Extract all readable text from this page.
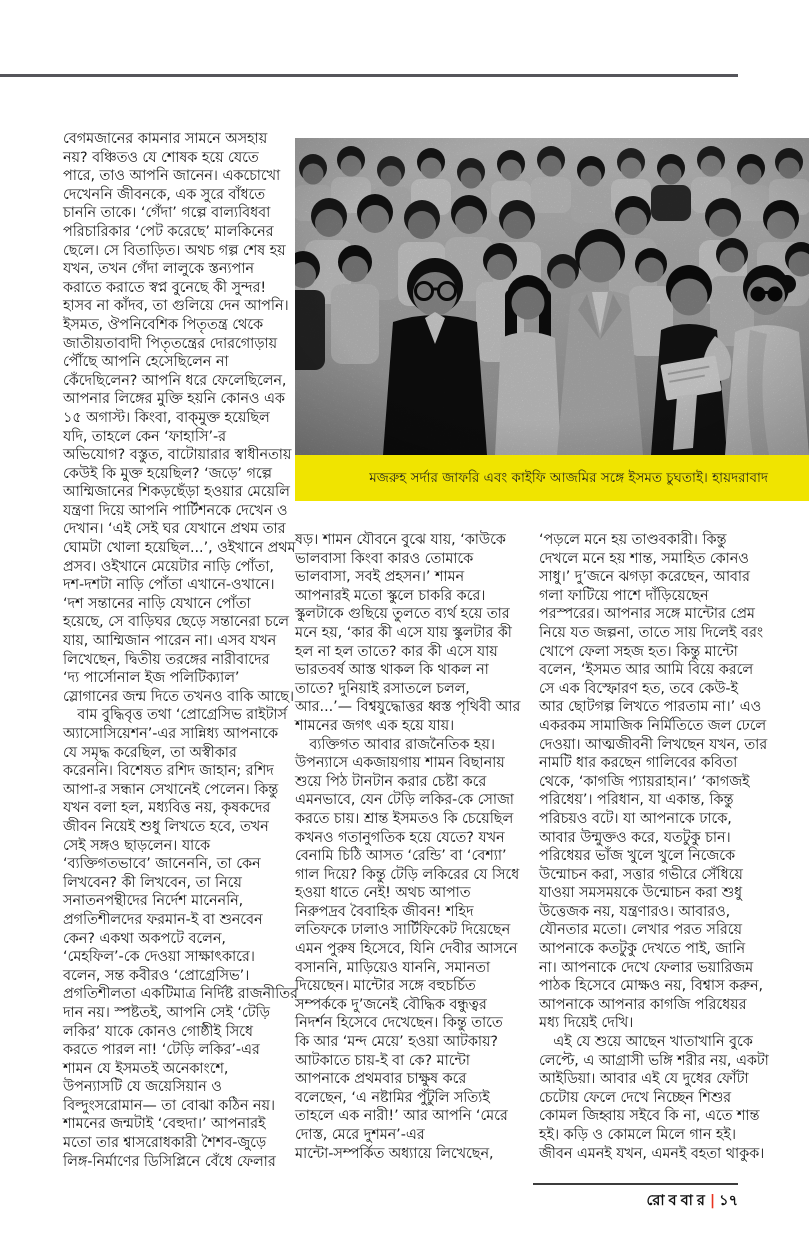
বেগমজানের কামনার সামনে অসহায়
নয়? বঞ্চিতও যে শোষক হয়ে যেতে
পারে, তাও আপনি জানেন। একচোখো
দেখেননি জীবনকে, এক সুরে বাঁধতে
চাননি তাকে। ‘গেঁদা’ গল্পে বাল্যবিধবা
পরিচারিকার ‘পেট করেছে’ মালকিনের
ছেলে। সে বিতাড়িত। অথচ গল্প শেষ হয়
যখন, তখন গেঁদা লালুকে স্তন্যপান
করাতে করাতে স্বপ্ন বুনেছে কী সুন্দর!
হাসব না কাঁদব, তা গুলিয়ে দেন আপনি।
ইসমত, ঔপনিবেশিক পিতৃতন্ত্র থেকে
জাতীয়তাবাদী পিতৃতন্ত্রের দোরগোড়ায়
পৌঁছে আপনি হেসেছিলেন না
কেঁদেছিলেন? আপনি ধরে ফেলেছিলেন,
আপনার লিঙ্গের মুক্তি হয়নি কোনও এক
১৫ অগাস্ট। কিংবা, বাক্‌মুক্ত হয়েছিল
যদি, তাহলে কেন ‘ফাহাসি’-র
অভিযোগ? বস্তুত, বাটোয়ারার স্বাধীনতায়
কেউই কি মুক্ত হয়েছিল? ‘জড়ে’ গল্পে
আম্মিজানের শিকড়ছেঁড়া হওয়ার মেয়েলি
যন্ত্রণা দিয়ে আপনি পার্টিশনকে দেখেন ও
দেখান। ‘এই সেই ঘর যেখানে প্রথম তার
ঘোমটা খোলা হয়েছিল...’, ওইখানে প্রথম
প্রসব। ওইখানে মেয়েটার নাড়ি পোঁতা,
দশ-দশটা নাড়ি পোঁতা এখানে-ওখানে।
‘দশ সন্তানের নাড়ি যেখানে পোঁতা
হয়েছে, সে বাড়িঘর ছেড়ে সন্তানেরা চলে
যায়, আম্মিজান পারেন না। এসব যখন
লিখেছেন, দ্বিতীয় তরঙ্গের নারীবাদের
‘দ্য পার্সোনাল ইজ পলিটিক্যাল’
স্লোগানের জন্ম দিতে তখনও বাকি আছে।
 বাম বুদ্ধিবৃত্ত তথা ‘প্রোগ্রেসিভ রাইটার্স
অ্যাসোসিয়েশন’-এর সান্নিধ্য আপনাকে
যে সমৃদ্ধ করেছিল, তা অস্বীকার
করেননি। বিশেষত রশিদ জাহান; রশিদ
আপা-র সন্ধান সেখানেই পেলেন। কিন্তু
যখন বলা হল, মধ্যবিত্ত নয়, কৃষকদের
জীবন নিয়েই শুধু লিখতে হবে, তখন
সেই সঙ্গও ছাড়লেন। যাকে
‘ব্যক্তিগতভাবে’ জানেননি, তা কেন
লিখবেন? কী লিখবেন, তা নিয়ে
সনাতনপন্থীদের নির্দেশ মানেননি,
প্রগতিশীলদের ফরমান-ই বা শুনবেন
কেন? একথা অকপটে বলেন,
‘মেহফিল’-কে দেওয়া সাক্ষাৎকারে।
বলেন, সন্ত কবীরও ‘প্রোগ্রেসিভ’।
প্রগতিশীলতা একটিমাত্র নির্দিষ্ট রাজনীতির
দান নয়। স্পষ্টতই, আপনি সেই ‘টেড়ি
লকির’ যাকে কোনও গোষ্ঠীই সিধে
করতে পারল না! ‘টেড়ি লকির’-এর
শামন যে ইসমতই অনেকাংশে,
উপন্যাসটি যে জয়েসিয়ান ও
বিল্দুংসরোমান— তা বোঝা কঠিন নয়।
শামনের জন্মটাই ‘বেহুদা।’ আপনারই
মতো তার শ্বাসরোধকারী শৈশব-জুড়ে
লিঙ্গ-নির্মাণের ডিসিপ্লিনে বেঁধে ফেলার
মজরুহ সর্দার জাফরি এবং কাইফি আজমির সঙ্গে ইসমত চুঘতাই। হায়দরাবাদ
ষড়। শামন যৌবনে বুঝে যায়, ‘কাউকে
ভালবাসা কিংবা কারও তোমাকে
ভালবাসা, সবই প্রহসন।’ শামন
আপনারই মতো স্কুলে চাকরি করে।
স্কুলটাকে গুছিয়ে তুলতে ব্যর্থ হয়ে তার
মনে হয়, ‘কার কী এসে যায় স্কুলটার কী
হল না হল তাতে? কার কী এসে যায়
ভারতবর্ষ আস্ত থাকল কি থাকল না
তাতে? দুনিয়াই রসাতলে চলল,
আর...’— বিশ্বযুদ্ধোত্তর ধ্বস্ত পৃথিবী আর
শামনের জগৎ এক হয়ে যায়।
 ব্যক্তিগত আবার রাজনৈতিক হয়।
উপন্যাসে একজায়গায় শামন বিছানায়
শুয়ে পিঠ টানটান করার চেষ্টা করে
এমনভাবে, যেন টেড়ি লকির-কে সোজা
করতে চায়। শ্রান্ত ইসমতও কি চেয়েছিল
কখনও গতানুগতিক হয়ে যেতে? যখন
বেনামি চিঠি আসত ‘রেন্ডি’ বা ‘বেশ্যা’
গাল দিয়ে? কিন্তু টেড়ি লকিরের যে সিধে
হওয়া ধাতে নেই! অথচ আপাত
নিরুপদ্রব বৈবাহিক জীবন! শহিদ
লতিফকে ঢালাও সার্টিফিকেট দিয়েছেন
এমন পুরুষ হিসেবে, যিনি দেবীর আসনে
বসাননি, মাড়িয়েও যাননি, সমানতা
দিয়েছেন। মান্টোর সঙ্গে বহুচর্চিত
সম্পর্ককে দু’জনেই বৌদ্ধিক বন্ধুত্বর
নিদর্শন হিসেবে দেখেছেন। কিন্তু তাতে
কি আর ‘মন্দ মেয়ে’ হওয়া আটকায়?
আটকাতে চায়-ই বা কে? মান্টো
আপনাকে প্রথমবার চাক্ষুষ করে
বলেছেন, ‘এ নষ্টামির পুঁটুলি সত্যিই
তাহলে এক নারী!’ আর আপনি ‘মেরে
দোস্ত, মেরে দুশমন’-এর
মান্টো-সম্পর্কিত অধ্যায়ে লিখেছেন,
‘পড়লে মনে হয় তাণ্ডবকারী। কিন্তু
দেখলে মনে হয় শান্ত, সমাহিত কোনও
সাধু।’ দু’জনে ঝগড়া করেছেন, আবার
গলা ফাটিয়ে পাশে দাঁড়িয়েছেন
পরস্পরের। আপনার সঙ্গে মান্টোর প্রেম
নিয়ে যত জল্পনা, তাতে সায় দিলেই বরং
খোপে ফেলা সহজ হত। কিন্তু মান্টো
বলেন, ‘ইসমত আর আমি বিয়ে করলে
সে এক বিস্ফোরণ হত, তবে কেউ-ই
আর ছোটগল্প লিখতে পারতাম না।’ এও
একরকম সামাজিক নির্মিতিতে জল ঢেলে
দেওয়া। আত্মজীবনী লিখছেন যখন, তার
নামটি ধার করছেন গালিবের কবিতা
থেকে, ‘কাগজি প্যায়রাহান।’ ‘কাগজই
পরিধেয়’। পরিধান, যা একান্ত, কিন্তু
পরিচয়ও বটে। যা আপনাকে ঢাকে,
আবার উন্মুক্তও করে, যতটুকু চান।
পরিধেয়র ভাঁজ খুলে খুলে নিজেকে
উন্মোচন করা, সত্তার গভীরে সেঁধিয়ে
যাওয়া সমসময়কে উন্মোচন করা শুধু
উত্তেজক নয়, যন্ত্রণারও। আবারও,
যৌনতার মতো। লেখার পরত সরিয়ে
আপনাকে কতটুকু দেখতে পাই, জানি
না। আপনাকে দেখে ফেলার ভয়ারিজম
পাঠক হিসেবে মোক্ষও নয়, বিশ্বাস করুন,
আপনাকে আপনার কাগজি পরিধেয়র
মধ্য দিয়েই দেখি।
 এই যে শুয়ে আছেন খাতাখানি বুকে
লেপ্টে, এ আগ্রাসী ভঙ্গি শরীর নয়, একটা
আইডিয়া। আবার এই যে দুধের ফোঁটা
চেটোয় ফেলে দেখে নিচ্ছেন শিশুর
কোমল জিহ্বায় সইবে কি না, এতে শান্ত
হই। কড়ি ও কোমলে মিলে গান হই।
জীবন এমনই যখন, এমনই বহতা থাকুক।
রোববার| ১৭
